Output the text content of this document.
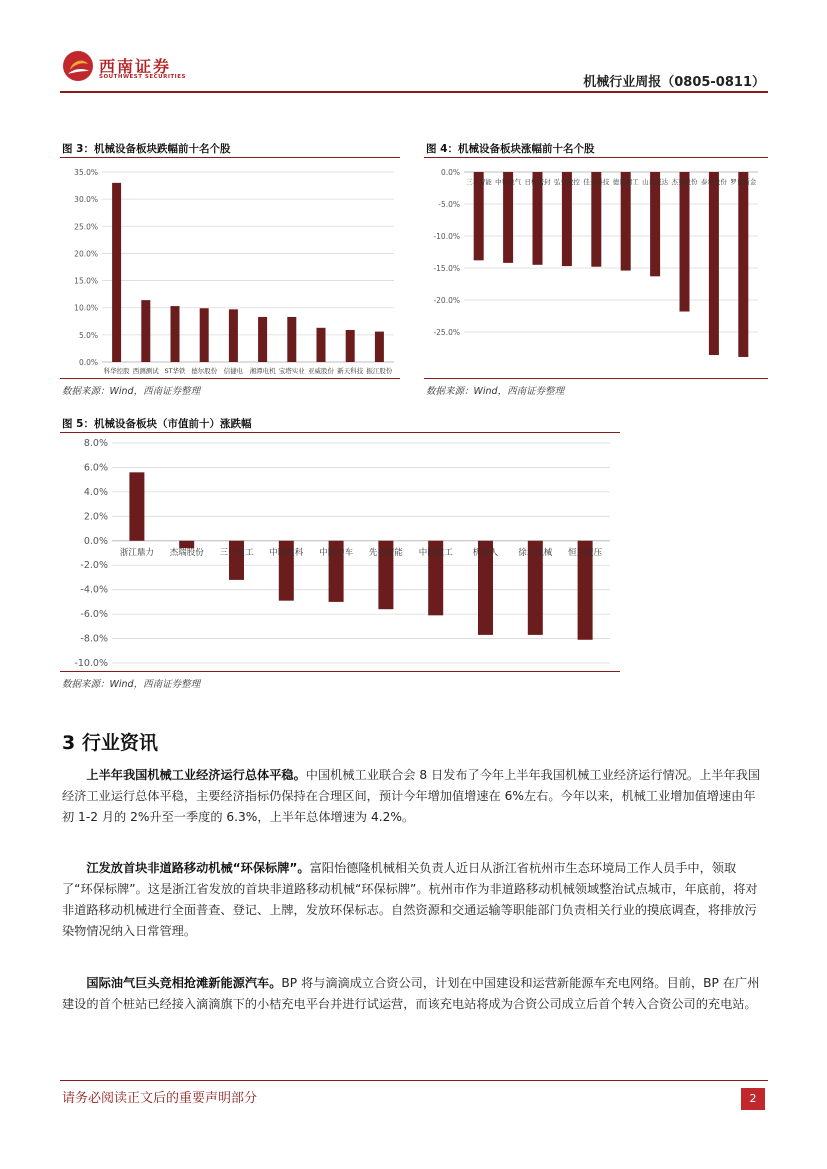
西南证券
SOUTHWEST SECURITIES	机械行业周报（0805-0811）
图 3：机械设备板块跌幅前十名个股
35.0%
30.0%
25.0%
20.0%
15.0%
10.0%
5.0%
0.0%
科华控股 西测测试 ST华铁 德尔股份 信捷电 湘潭电机 宝塔实业 亚威股份 新天科技 振江股份
数据来源：Wind，西南证券整理
图 4：机械设备板块涨幅前十名个股
0.0%
-5.0%
-10.0%
-15.0%
-20.0%
-25.0%
三丰智能 中科电气 日机密封 弘亚数控 佳士科技 德恩精工 山东威达 杰克股份 泰尔股份 罗普斯金
数据来源：Wind，西南证券整理
图 5：机械设备板块（市值前十）涨跌幅
8.0%
6.0%
4.0%
2.0%
0.0%
-2.0%
-4.0%
-6.0%
-8.0%
-10.0%
浙江鼎力 杰瑞股份 三一重工 中联重科 中国中车 先导智能 中国重工 机器人 徐工机械 恒立液压
数据来源：Wind，西南证券整理
3 行业资讯

上半年我国机械工业经济运行总体平稳。中国机械工业联合会 8 日发布了今年上半年我国机械工业经济运行情况。上半年我国经济工业运行总体平稳，主要经济指标仍保持在合理区间，预计今年增加值增速在 6%左右。今年以来，机械工业增加值增速由年初 1-2 月的 2%升至一季度的 6.3%，上半年总体增速为 4.2%。

江发放首块非道路移动机械“环保标牌”。富阳怡德隆机械相关负责人近日从浙江省杭州市生态环境局工作人员手中，领取了“环保标牌”。这是浙江省发放的首块非道路移动机械“环保标牌”。杭州市作为非道路移动机械领域整治试点城市，年底前，将对非道路移动机械进行全面普查、登记、上牌，发放环保标志。自然资源和交通运输等职能部门负责相关行业的摸底调查，将排放污染物情况纳入日常管理。

国际油气巨头竞相抢滩新能源汽车。BP 将与滴滴成立合资公司，计划在中国建设和运营新能源车充电网络。目前，BP 在广州建设的首个桩站已经接入滴滴旗下的小桔充电平台并进行试运营，而该充电站将成为合资公司成立后首个转入合资公司的充电站。

请务必阅读正文后的重要声明部分	2
